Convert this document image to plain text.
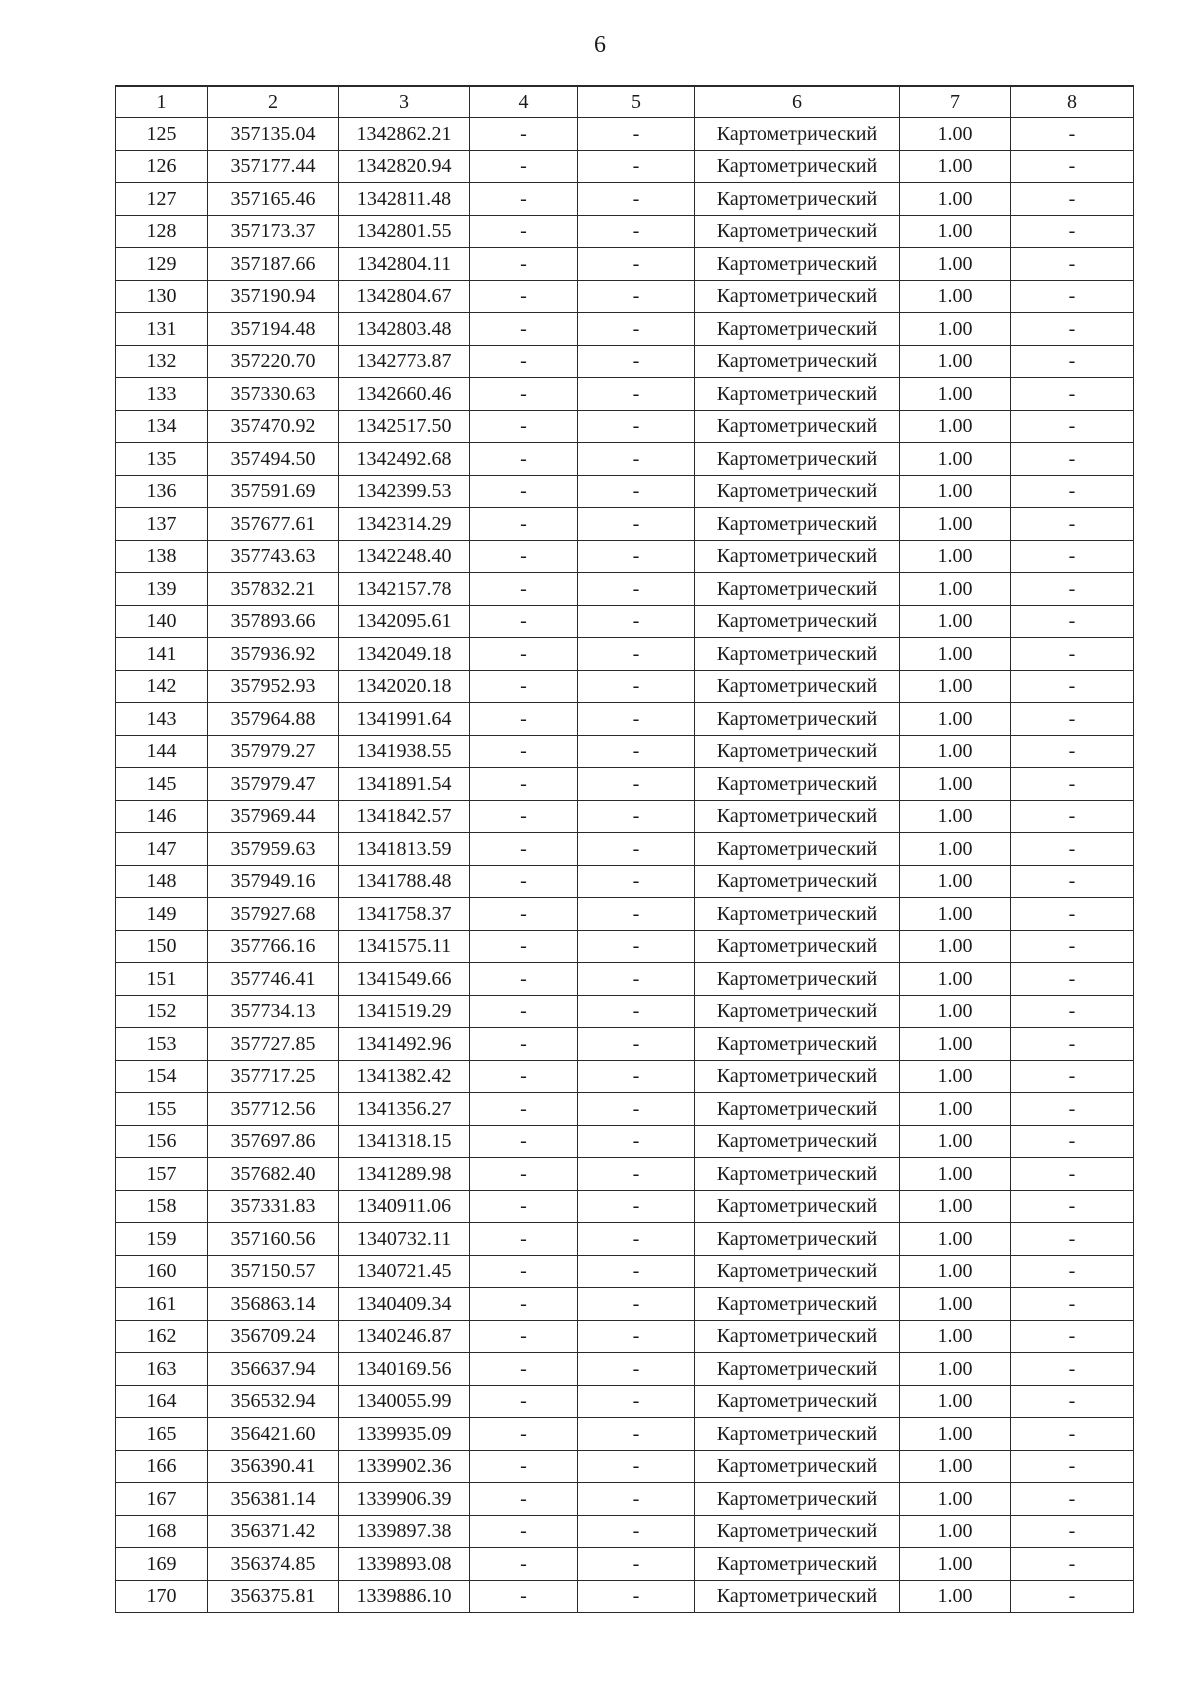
6
1	2	3	4	5	6	7	8
125	357135.04	1342862.21	-	-	Картометрический	1.00	-
126	357177.44	1342820.94	-	-	Картометрический	1.00	-
127	357165.46	1342811.48	-	-	Картометрический	1.00	-
128	357173.37	1342801.55	-	-	Картометрический	1.00	-
129	357187.66	1342804.11	-	-	Картометрический	1.00	-
130	357190.94	1342804.67	-	-	Картометрический	1.00	-
131	357194.48	1342803.48	-	-	Картометрический	1.00	-
132	357220.70	1342773.87	-	-	Картометрический	1.00	-
133	357330.63	1342660.46	-	-	Картометрический	1.00	-
134	357470.92	1342517.50	-	-	Картометрический	1.00	-
135	357494.50	1342492.68	-	-	Картометрический	1.00	-
136	357591.69	1342399.53	-	-	Картометрический	1.00	-
137	357677.61	1342314.29	-	-	Картометрический	1.00	-
138	357743.63	1342248.40	-	-	Картометрический	1.00	-
139	357832.21	1342157.78	-	-	Картометрический	1.00	-
140	357893.66	1342095.61	-	-	Картометрический	1.00	-
141	357936.92	1342049.18	-	-	Картометрический	1.00	-
142	357952.93	1342020.18	-	-	Картометрический	1.00	-
143	357964.88	1341991.64	-	-	Картометрический	1.00	-
144	357979.27	1341938.55	-	-	Картометрический	1.00	-
145	357979.47	1341891.54	-	-	Картометрический	1.00	-
146	357969.44	1341842.57	-	-	Картометрический	1.00	-
147	357959.63	1341813.59	-	-	Картометрический	1.00	-
148	357949.16	1341788.48	-	-	Картометрический	1.00	-
149	357927.68	1341758.37	-	-	Картометрический	1.00	-
150	357766.16	1341575.11	-	-	Картометрический	1.00	-
151	357746.41	1341549.66	-	-	Картометрический	1.00	-
152	357734.13	1341519.29	-	-	Картометрический	1.00	-
153	357727.85	1341492.96	-	-	Картометрический	1.00	-
154	357717.25	1341382.42	-	-	Картометрический	1.00	-
155	357712.56	1341356.27	-	-	Картометрический	1.00	-
156	357697.86	1341318.15	-	-	Картометрический	1.00	-
157	357682.40	1341289.98	-	-	Картометрический	1.00	-
158	357331.83	1340911.06	-	-	Картометрический	1.00	-
159	357160.56	1340732.11	-	-	Картометрический	1.00	-
160	357150.57	1340721.45	-	-	Картометрический	1.00	-
161	356863.14	1340409.34	-	-	Картометрический	1.00	-
162	356709.24	1340246.87	-	-	Картометрический	1.00	-
163	356637.94	1340169.56	-	-	Картометрический	1.00	-
164	356532.94	1340055.99	-	-	Картометрический	1.00	-
165	356421.60	1339935.09	-	-	Картометрический	1.00	-
166	356390.41	1339902.36	-	-	Картометрический	1.00	-
167	356381.14	1339906.39	-	-	Картометрический	1.00	-
168	356371.42	1339897.38	-	-	Картометрический	1.00	-
169	356374.85	1339893.08	-	-	Картометрический	1.00	-
170	356375.81	1339886.10	-	-	Картометрический	1.00	-
